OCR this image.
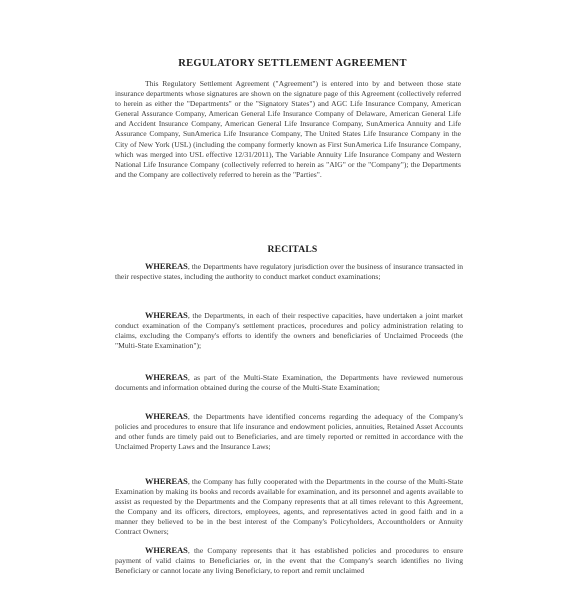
REGULATORY SETTLEMENT AGREEMENT

This Regulatory Settlement Agreement ("Agreement") is entered into by and between those state insurance departments whose signatures are shown on the signature page of this Agreement (collectively referred to herein as either the "Departments" or the "Signatory States") and AGC Life Insurance Company, American General Assurance Company, American General Life Insurance Company of Delaware, American General Life and Accident Insurance Company, American General Life Insurance Company, SunAmerica Annuity and Life Assurance Company, SunAmerica Life Insurance Company, The United States Life Insurance Company in the City of New York (USL) (including the company formerly known as First SunAmerica Life Insurance Company, which was merged into USL effective 12/31/2011), The Variable Annuity Life Insurance Company and Western National Life Insurance Company (collectively referred to herein as "AIG" or the "Company"); the Departments and the Company are collectively referred to herein as the "Parties".

RECITALS

WHEREAS, the Departments have regulatory jurisdiction over the business of insurance transacted in their respective states, including the authority to conduct market conduct examinations;

WHEREAS, the Departments, in each of their respective capacities, have undertaken a joint market conduct examination of the Company's settlement practices, procedures and policy administration relating to claims, excluding the Company's efforts to identify the owners and beneficiaries of Unclaimed Proceeds (the "Multi-State Examination");

WHEREAS, as part of the Multi-State Examination, the Departments have reviewed numerous documents and information obtained during the course of the Multi-State Examination;

WHEREAS, the Departments have identified concerns regarding the adequacy of the Company's policies and procedures to ensure that life insurance and endowment policies, annuities, Retained Asset Accounts and other funds are timely paid out to Beneficiaries, and are timely reported or remitted in accordance with the Unclaimed Property Laws and the Insurance Laws;

WHEREAS, the Company has fully cooperated with the Departments in the course of the Multi-State Examination by making its books and records available for examination, and its personnel and agents available to assist as requested by the Departments and the Company represents that at all times relevant to this Agreement, the Company and its officers, directors, employees, agents, and representatives acted in good faith and in a manner they believed to be in the best interest of the Company's Policyholders, Accountholders or Annuity Contract Owners;

WHEREAS, the Company represents that it has established policies and procedures to ensure payment of valid claims to Beneficiaries or, in the event that the Company's search identifies no living Beneficiary or cannot locate any living Beneficiary, to report and remit unclaimed
